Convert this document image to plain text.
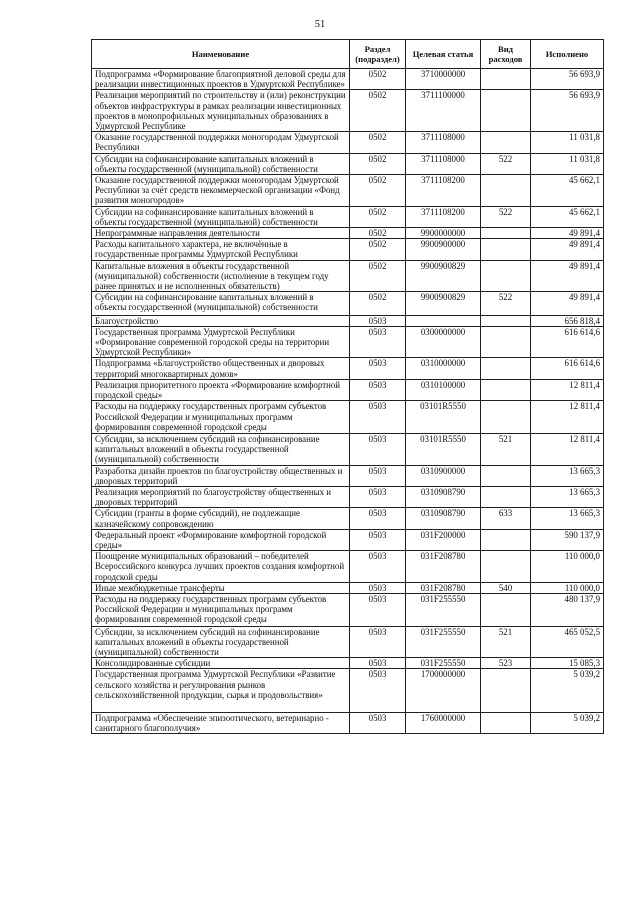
51
Наименование	Раздел (подраздел)	Целевая статья	Вид расходов	Исполнено
Подпрограмма «Формирование благоприятной деловой среды для реализации инвестиционных проектов в Удмуртской Республике»	0502	3710000000		56 693,9
Реализация мероприятий по строительству и (или) реконструкции объектов инфраструктуры в рамках реализации инвестиционных проектов в монопрофильных муниципальных образованиях в Удмуртской Республике	0502	3711100000		56 693,9
Оказание государственной поддержки моногородам Удмуртской Республики	0502	3711108000		11 031,8
Субсидии на софинансирование капитальных вложений в объекты государственной (муниципальной) собственности	0502	3711108000	522	11 031,8
Оказание государственной поддержки моногородам Удмуртской Республики за счёт средств некоммерческой организации «Фонд развития моногородов»	0502	3711108200		45 662,1
Субсидии на софинансирование капитальных вложений в объекты государственной (муниципальной) собственности	0502	3711108200	522	45 662,1
Непрограммные направления деятельности	0502	9900000000		49 891,4
Расходы капитального характера, не включённые в государственные программы Удмуртской Республики	0502	9900900000		49 891,4
Капитальные вложения в объекты государственной (муниципальной) собственности (исполнение в текущем году ранее принятых и не исполненных обязательств)	0502	9900900829		49 891,4
Субсидии на софинансирование капитальных вложений в объекты государственной (муниципальной) собственности	0502	9900900829	522	49 891,4
Благоустройство	0503			656 818,4
Государственная программа Удмуртской Республики «Формирование современной городской среды на территории Удмуртской Республики»	0503	0300000000		616 614,6
Подпрограмма «Благоустройство общественных и дворовых территорий многоквартирных домов»	0503	0310000000		616 614,6
Реализация приоритетного проекта «Формирование комфортной городской среды»	0503	0310100000		12 811,4
Расходы на поддержку государственных программ субъектов Российской Федерации и муниципальных программ формирования современной городской среды	0503	03101R5550		12 811,4
Субсидии, за исключением субсидий на софинансирование капитальных вложений в объекты государственной (муниципальной) собственности	0503	03101R5550	521	12 811,4
Разработка дизайн проектов по благоустройству общественных и дворовых территорий	0503	0310900000		13 665,3
Реализация мероприятий по благоустройству общественных и дворовых территорий	0503	0310908790		13 665,3
Субсидии (гранты в форме субсидий), не подлежащие казначейскому сопровождению	0503	0310908790	633	13 665,3
Федеральный проект «Формирование комфортной городской среды»	0503	031F200000		590 137,9
Поощрение муниципальных образований – победителей Всероссийского конкурса лучших проектов создания комфортной городской среды	0503	031F208780		110 000,0
Иные межбюджетные трансферты	0503	031F208780	540	110 000,0
Расходы на поддержку государственных программ субъектов Российской Федерации и муниципальных программ формирования современной городской среды	0503	031F255550		480 137,9
Субсидии, за исключением субсидий на софинансирование капитальных вложений в объекты государственной (муниципальной) собственности	0503	031F255550	521	465 052,5
Консолидированные субсидии	0503	031F255550	523	15 085,3
Государственная программа Удмуртской Республики «Развитие сельского хозяйства и регулирования рынков сельскохозяйственной продукции, сырья и продовольствия»	0503	1700000000		5 039,2
Подпрограмма «Обеспечение эпизоотического, ветеринарно - санитарного благополучия»	0503	1760000000		5 039,2
